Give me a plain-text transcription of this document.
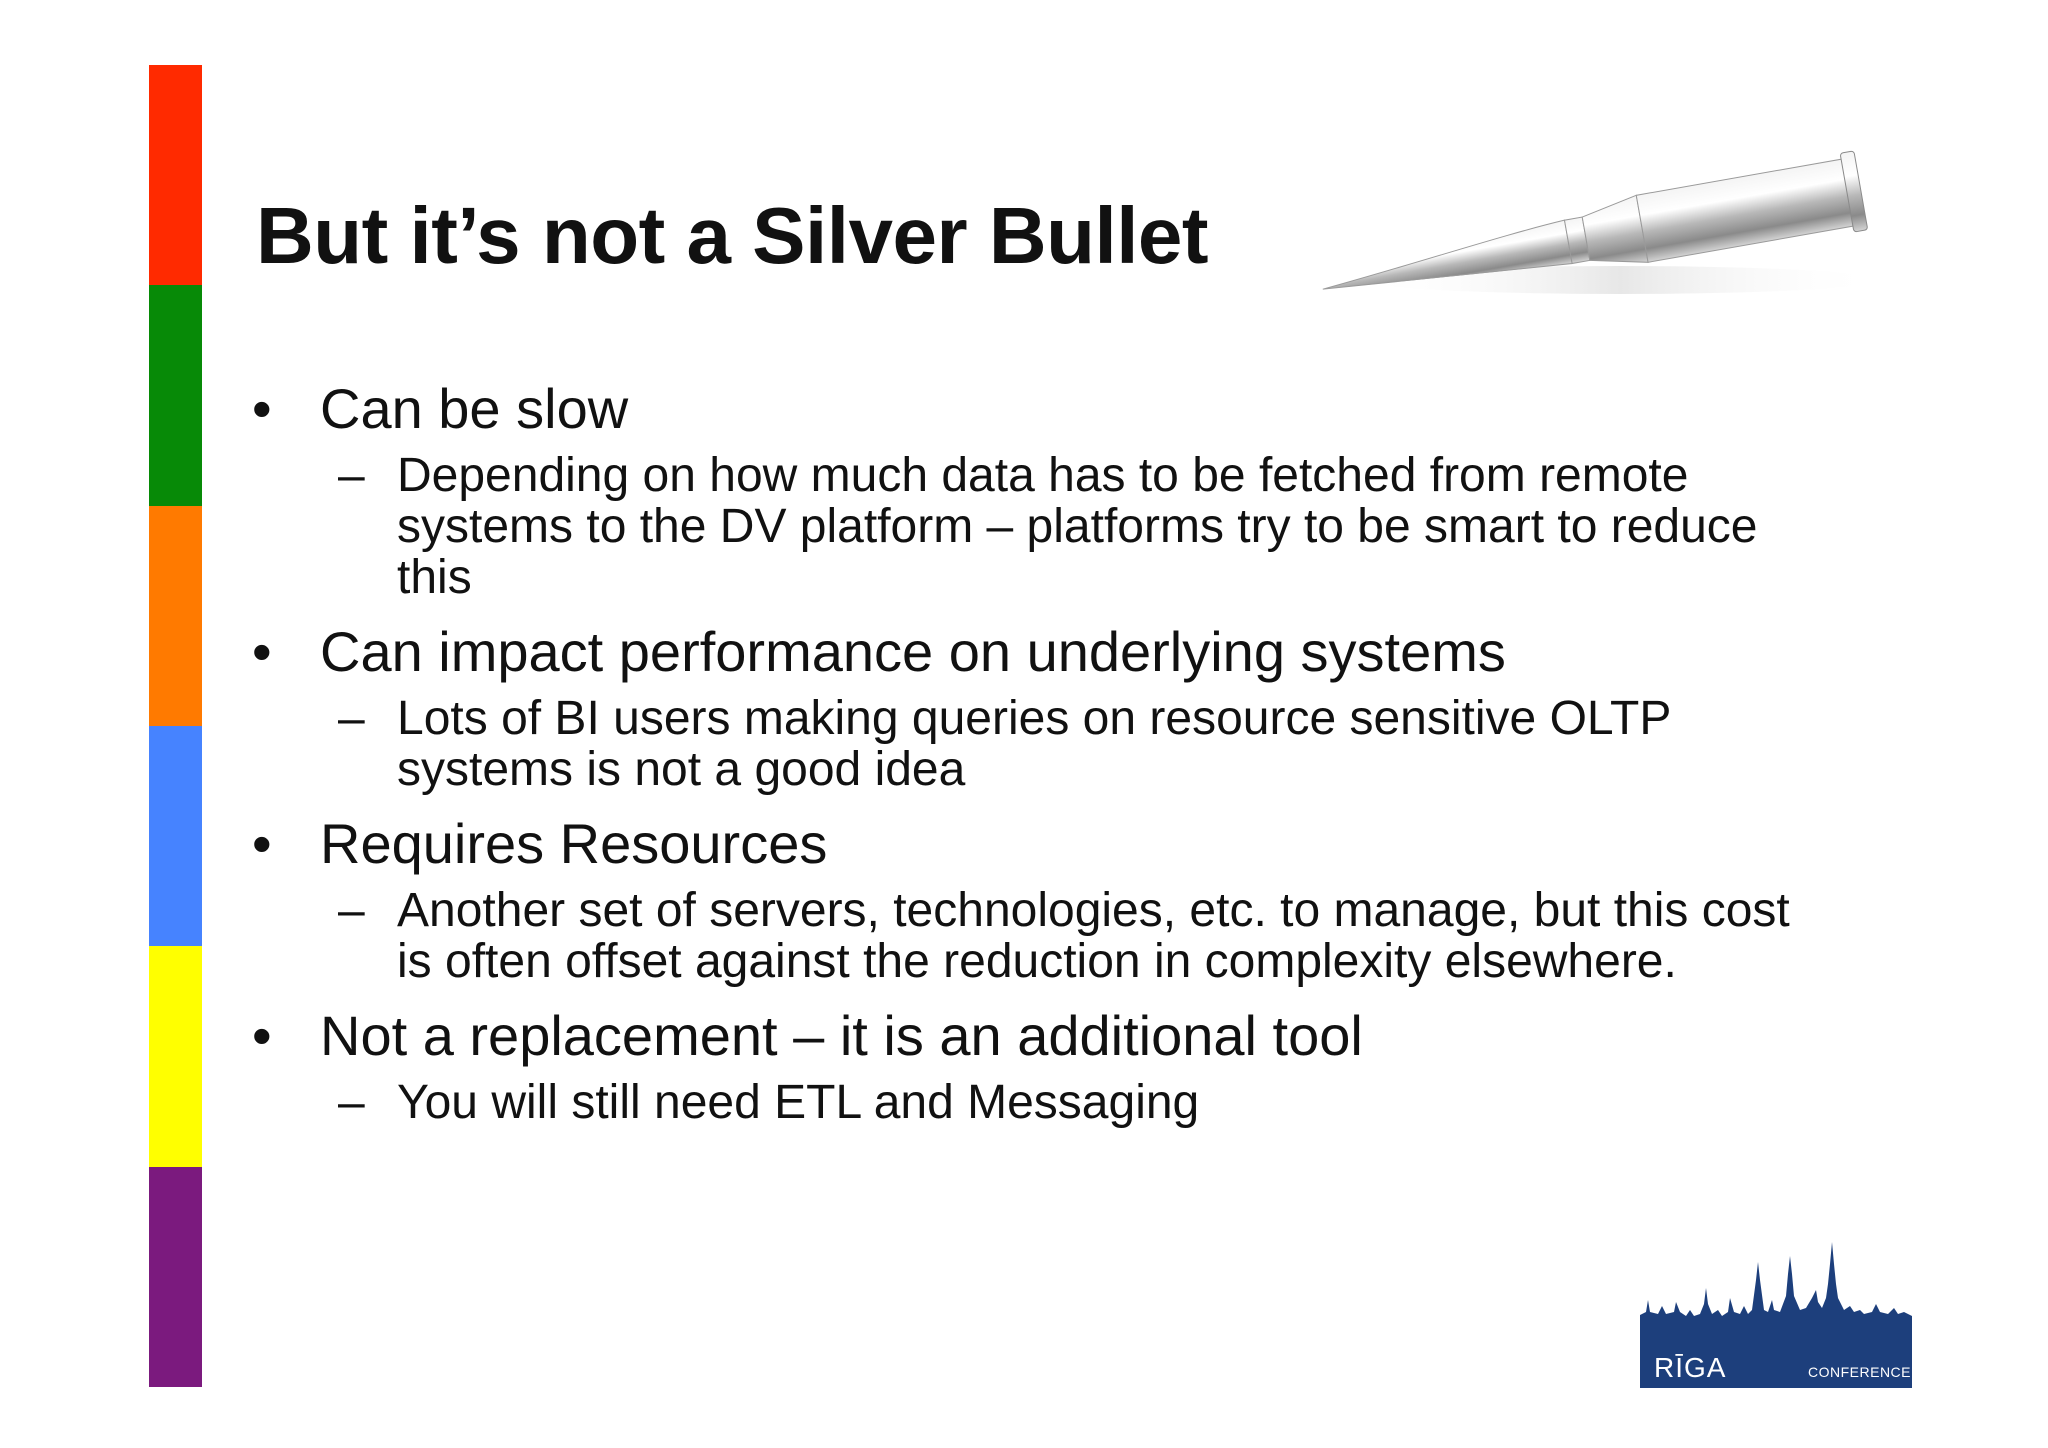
But it’s not a Silver Bullet
• Can be slow
– Depending on how much data has to be fetched from remote systems to the DV platform – platforms try to be smart to reduce this
• Can impact performance on underlying systems
– Lots of BI users making queries on resource sensitive OLTP systems is not a good idea
• Requires Resources
– Another set of servers, technologies, etc. to manage, but this cost is often offset against the reduction in complexity elsewhere.
• Not a replacement – it is an additional tool
– You will still need ETL and Messaging
RĪGA	CONFERENCE
